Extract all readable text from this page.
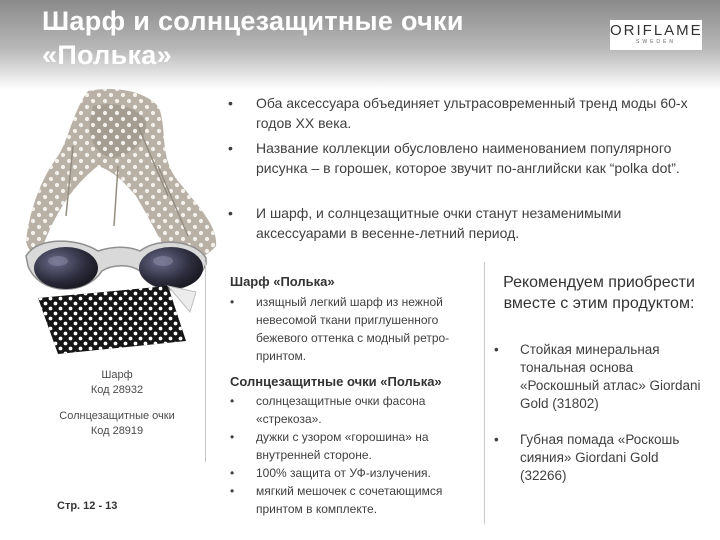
Шарф и солнцезащитные очки
«Полька»
ORIFLAME
SWEDEN
Шарф
Код 28932
Солнцезащитные очки
Код 28919
Стр. 12 - 13
• Оба аксессуара объединяет ультрасовременный тренд моды 60-х годов XX века.
• Название коллекции обусловлено наименованием популярного рисунка – в горошек, которое звучит по-английски как “polka dot”.
• И шарф, и солнцезащитные очки станут незаменимыми аксессуарами в весенне-летний период.
Шарф «Полька»
• изящный легкий шарф из нежной невесомой ткани приглушенного бежевого оттенка с модный ретро-принтом.
Солнцезащитные очки «Полька»
• солнцезащитные очки фасона «стрекоза».
• дужки с узором «горошина» на внутренней стороне.
• 100% защита от УФ-излучения.
• мягкий мешочек с сочетающимся принтом в комплекте.
Рекомендуем приобрести вместе с этим продуктом:
• Стойкая минеральная тональная основа «Роскошный атлас» Giordani Gold (31802)
• Губная помада «Роскошь сияния» Giordani Gold (32266)
